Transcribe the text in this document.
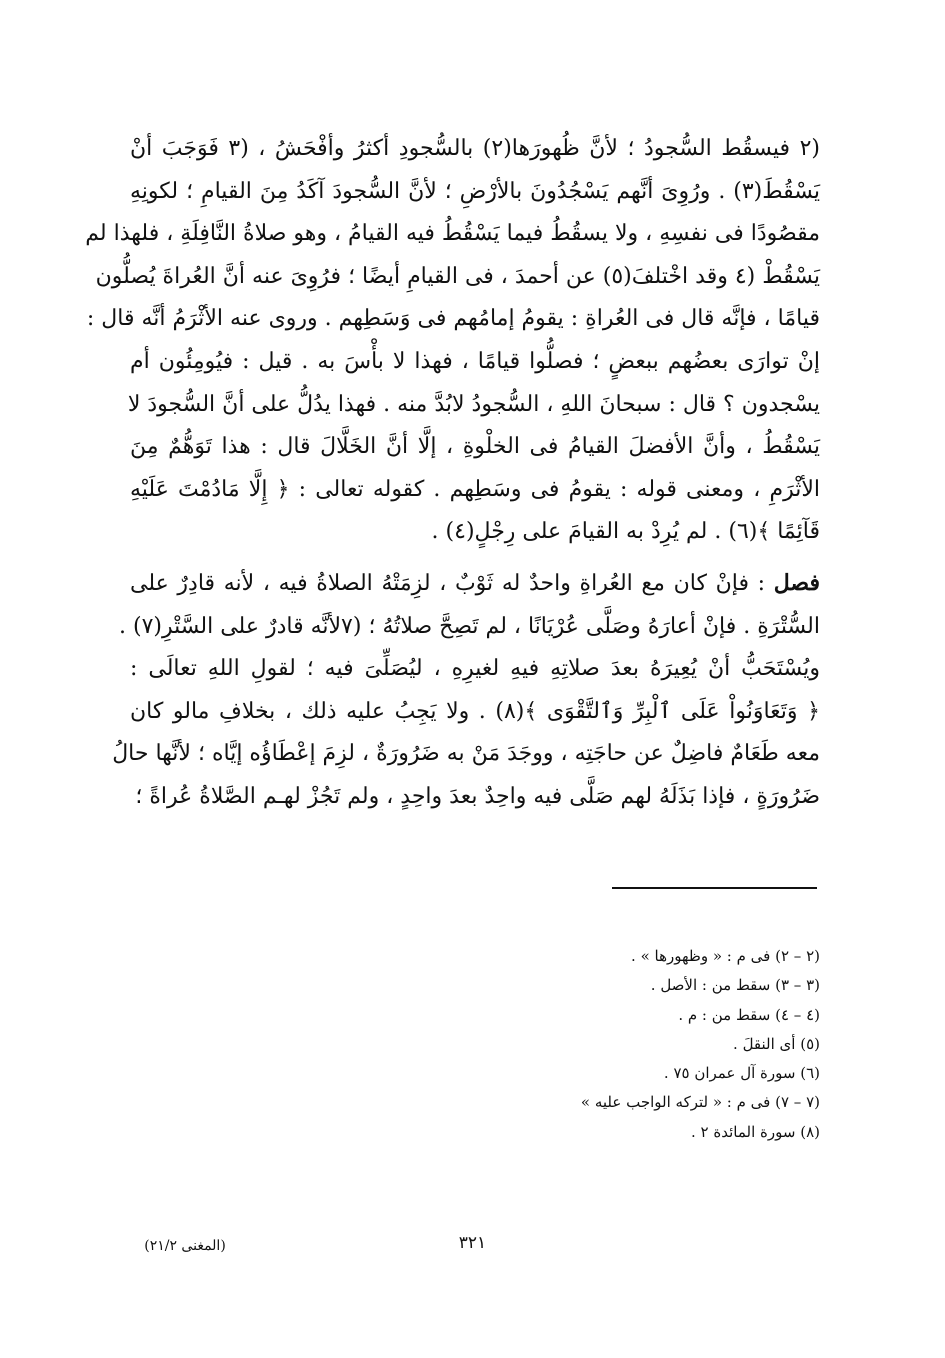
(٢ فيسقُط السُّجودُ ؛ لأنَّ ظُهورَها(٢) بالسُّجودِ أكثرُ وأفْحَشُ ، (٣ فَوَجَبَ أنْ
يَسْقُطَ(٣) . ورُوِىَ أنَّهم يَسْجُدُونَ بالأرْضِ ؛ لأنَّ السُّجودَ آكَدُ مِنَ القيامِ ؛ لكونِهِ
مقصُودًا فى نفسِهِ ، ولا يسقُطُ فيما يَسْقُطُ فيه القيامُ ، وهو صلاةُ النَّافِلَةِ ، فلهذا لم
يَسْقُطْ (٤ وقد اخْتلفَ(٥) عن أحمدَ ، فى القيامِ أيضًا ؛ فرُوِىَ عنه أنَّ العُراةَ يُصلُّون
قيامًا ، فإنَّه قال فى العُراةِ : يقومُ إمامُهم فى وَسَطِهم . وروى عنه الأثْرَمُ أنَّه قال :
إنْ توارَى بعضُهم ببعضٍ ؛ فصلُّوا قيامًا ، فهذا لا بأْسَ به . قيل : فيُومِئُون أم
يسْجدون ؟ قال : سبحانَ اللهِ ، السُّجودُ لابُدَّ منه . فهذا يدُلُّ على أنَّ السُّجودَ لا
يَسْقُطُ ، وأنَّ الأفضلَ القيامُ فى الخلْوةِ ، إلَّا أنَّ الخَلَّالَ قال : هذا تَوَهُّمٌ مِنَ
الأثْرَمِ ، ومعنى قوله : يقومُ فى وسَطِهم . كقوله تعالى : ﴿ إِلَّا مَادُمْتَ عَلَيْهِ
قَآئِمًا ﴾(٦) . لم يُرِدْ به القيامَ على رِجْلٍ(٤) .

فصل : فإنْ كان مع العُراةِ واحدٌ له ثَوْبٌ ، لزِمَتْهُ الصلاةُ فيه ، لأنه قادِرٌ على
السُّتْرَةِ . فإنْ أعارَهُ وصَلَّى عُرْيَانًا ، لم تَصِحَّ صلاتُهُ ؛ (٧لأنَّه قادرٌ على السَّتْرِ(٧) .
ويُسْتَحَبُّ أنْ يُعِيرَهُ بعدَ صلاتِهِ فيهِ لغيرِهِ ، ليُصَلِّىَ فيه ؛ لقولِ اللهِ تعالَى :
﴿ وَتَعَاوَنُواْ عَلَى ٱلْبِرِّ وَٱلتَّقْوَى ﴾(٨) . ولا يَجِبُ عليه ذلك ، بخلافِ مالو كان
معه طَعَامٌ فاضِلٌ عن حاجَتِه ، ووجَدَ مَنْ به ضَرُورَةٌ ، لزِمَ إعْطَاؤُه إيَّاه ؛ لأنَّها حالُ
ضَرُورَةٍ ، فإذا بَذَلَهُ لهم صَلَّى فيه واحِدٌ بعدَ واحِدٍ ، ولم تَجُزْ لهـم الصَّلاةُ عُراةً ؛

(٢ – ٢) فى م : « وظهورها » .
(٣ – ٣) سقط من : الأصل .
(٤ – ٤) سقط من : م .
(٥) أى النقلَ .
(٦) سورة آل عمران ٧٥ .
(٧ – ٧) فى م : « لتركه الواجب عليه »
(٨) سورة المائدة ٢ .
٣٢١
(المغنى ٢١/٢)
